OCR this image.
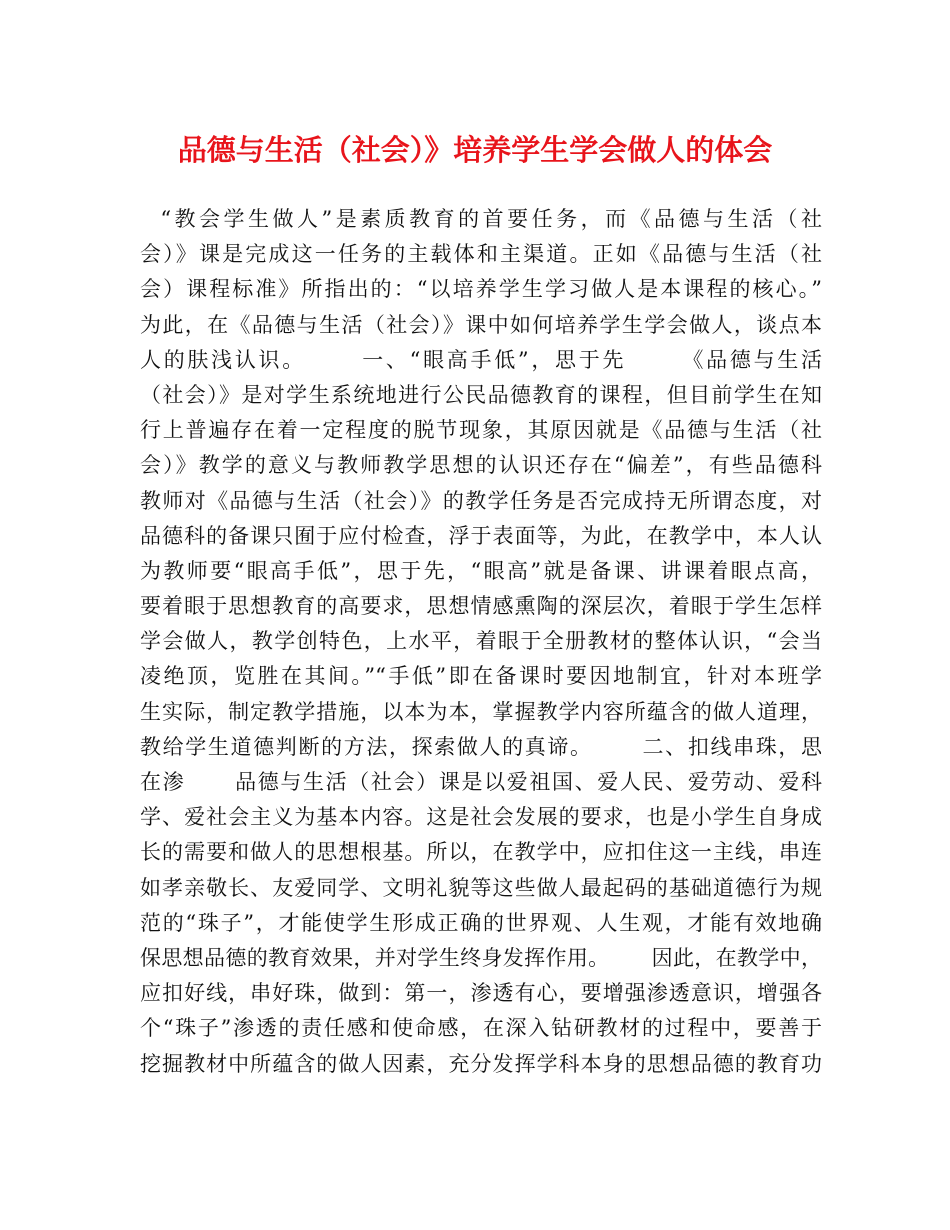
品德与生活（社会）》培养学生学会做人的体会
“教会学生做人”是素质教育的首要任务，而《品德与生活（社
会）》课是完成这一任务的主载体和主渠道。正如《品德与生活（社
会）课程标准》所指出的：“以培养学生学习做人是本课程的核心。”
为此，在《品德与生活（社会）》课中如何培养学生学会做人，谈点本
人的肤浅认识。      一、“眼高手低”，思于先      《品德与生活
（社会）》是对学生系统地进行公民品德教育的课程，但目前学生在知
行上普遍存在着一定程度的脱节现象，其原因就是《品德与生活（社
会）》教学的意义与教师教学思想的认识还存在“偏差”，有些品德科
教师对《品德与生活（社会）》的教学任务是否完成持无所谓态度，对
品德科的备课只囿于应付检查，浮于表面等，为此，在教学中，本人认
为教师要“眼高手低”，思于先，“眼高”就是备课、讲课着眼点高，
要着眼于思想教育的高要求，思想情感熏陶的深层次，着眼于学生怎样
学会做人，教学创特色，上水平，着眼于全册教材的整体认识，“会当
凌绝顶，览胜在其间。”“手低”即在备课时要因地制宜，针对本班学
生实际，制定教学措施，以本为本，掌握教学内容所蕴含的做人道理，
教给学生道德判断的方法，探索做人的真谛。      二、扣线串珠，思
在渗      品德与生活（社会）课是以爱祖国、爱人民、爱劳动、爱科
学、爱社会主义为基本内容。这是社会发展的要求，也是小学生自身成
长的需要和做人的思想根基。所以，在教学中，应扣住这一主线，串连
如孝亲敬长、友爱同学、文明礼貌等这些做人最起码的基础道德行为规
范的“珠子”，才能使学生形成正确的世界观、人生观，才能有效地确
保思想品德的教育效果，并对学生终身发挥作用。      因此，在教学中，
应扣好线，串好珠，做到：第一，渗透有心，要增强渗透意识，增强各
个“珠子”渗透的责任感和使命感，在深入钻研教材的过程中，要善于
挖掘教材中所蕴含的做人因素，充分发挥学科本身的思想品德的教育功
